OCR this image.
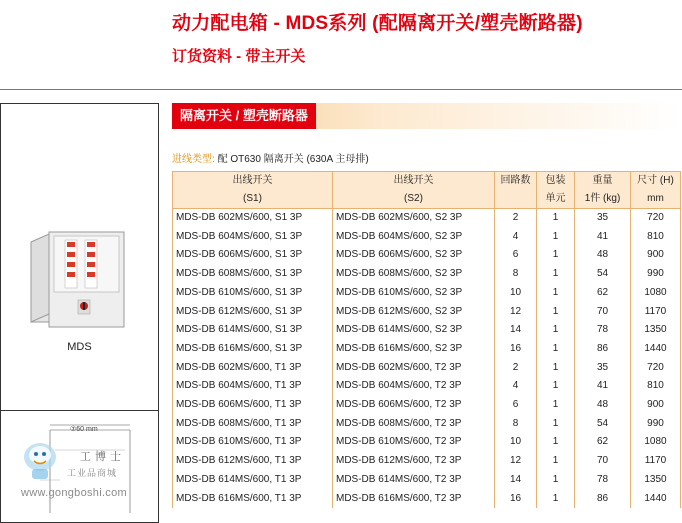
动力配电箱 - MDS系列 (配隔离开关/塑壳断路器)
订货资料 - 带主开关
MDS
⑦60 mm
工博士
工业品商城
www.gongboshi.com
隔离开关 / 塑壳断路器
进线类型: 配 OT630 隔离开关 (630A 主母排)
出线开关	出线开关	回路数	包装	重量	尺寸 (H)
(S1)	(S2)		单元	1件 (kg)	mm
MDS-DB 602MS/600, S1 3P	MDS-DB 602MS/600, S2 3P	2	1	35	720
MDS-DB 604MS/600, S1 3P	MDS-DB 604MS/600, S2 3P	4	1	41	810
MDS-DB 606MS/600, S1 3P	MDS-DB 606MS/600, S2 3P	6	1	48	900
MDS-DB 608MS/600, S1 3P	MDS-DB 608MS/600, S2 3P	8	1	54	990
MDS-DB 610MS/600, S1 3P	MDS-DB 610MS/600, S2 3P	10	1	62	1080
MDS-DB 612MS/600, S1 3P	MDS-DB 612MS/600, S2 3P	12	1	70	1170
MDS-DB 614MS/600, S1 3P	MDS-DB 614MS/600, S2 3P	14	1	78	1350
MDS-DB 616MS/600, S1 3P	MDS-DB 616MS/600, S2 3P	16	1	86	1440
MDS-DB 602MS/600, T1 3P	MDS-DB 602MS/600, T2 3P	2	1	35	720
MDS-DB 604MS/600, T1 3P	MDS-DB 604MS/600, T2 3P	4	1	41	810
MDS-DB 606MS/600, T1 3P	MDS-DB 606MS/600, T2 3P	6	1	48	900
MDS-DB 608MS/600, T1 3P	MDS-DB 608MS/600, T2 3P	8	1	54	990
MDS-DB 610MS/600, T1 3P	MDS-DB 610MS/600, T2 3P	10	1	62	1080
MDS-DB 612MS/600, T1 3P	MDS-DB 612MS/600, T2 3P	12	1	70	1170
MDS-DB 614MS/600, T1 3P	MDS-DB 614MS/600, T2 3P	14	1	78	1350
MDS-DB 616MS/600, T1 3P	MDS-DB 616MS/600, T2 3P	16	1	86	1440
